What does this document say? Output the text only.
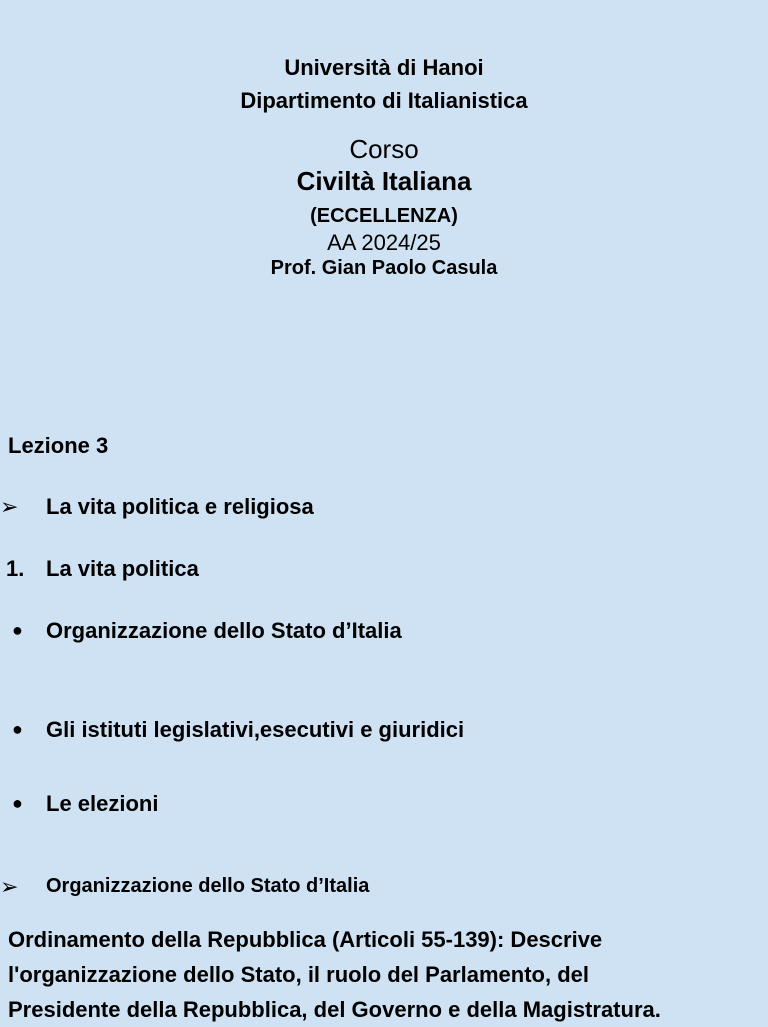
Università di Hanoi
Dipartimento di Italianistica
Corso
Civiltà Italiana
(ECCELLENZA)
AA 2024/25
Prof. Gian Paolo Casula
Lezione 3
➢	La vita politica e religiosa
1. La vita politica
●	Organizzazione dello Stato d’Italia
●	Gli istituti legislativi,esecutivi e giuridici
●	Le elezioni
➢	Organizzazione dello Stato d’Italia
Ordinamento della Repubblica (Articoli 55-139): Descrive
l'organizzazione dello Stato, il ruolo del Parlamento, del
Presidente della Repubblica, del Governo e della Magistratura.
